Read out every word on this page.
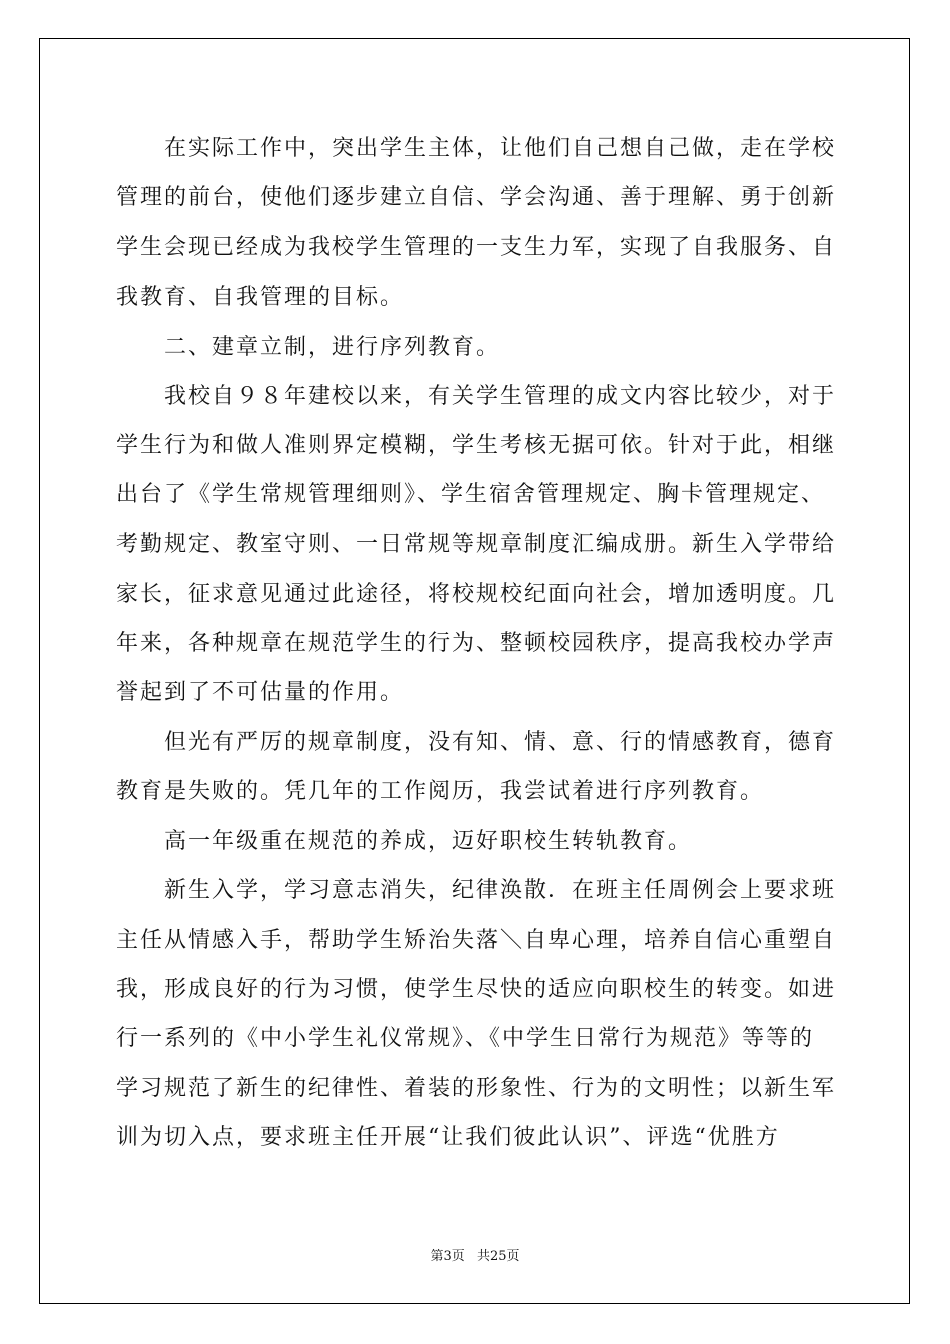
在实际工作中，突出学生主体，让他们自己想自己做，走在学校
管理的前台，使他们逐步建立自信、学会沟通、善于理解、勇于创新
学生会现已经成为我校学生管理的一支生力军，实现了自我服务、自
我教育、自我管理的目标。
二、建章立制，进行序列教育。
我校自９８年建校以来，有关学生管理的成文内容比较少，对于
学生行为和做人准则界定模糊，学生考核无据可依。针对于此，相继
出台了《学生常规管理细则》、学生宿舍管理规定、胸卡管理规定、
考勤规定、教室守则、一日常规等规章制度汇编成册。新生入学带给
家长，征求意见通过此途径，将校规校纪面向社会，增加透明度。几
年来，各种规章在规范学生的行为、整顿校园秩序，提高我校办学声
誉起到了不可估量的作用。
但光有严厉的规章制度，没有知、情、意、行的情感教育，德育
教育是失败的。凭几年的工作阅历，我尝试着进行序列教育。
高一年级重在规范的养成，迈好职校生转轨教育。
新生入学，学习意志消失，纪律涣散．在班主任周例会上要求班
主任从情感入手，帮助学生矫治失落＼自卑心理，培养自信心重塑自
我，形成良好的行为习惯，使学生尽快的适应向职校生的转变。如进
行一系列的《中小学生礼仪常规》、《中学生日常行为规范》等等的
学习规范了新生的纪律性、着装的形象性、行为的文明性；以新生军
训为切入点，要求班主任开展“让我们彼此认识”、评选“优胜方
第3页 共25页
